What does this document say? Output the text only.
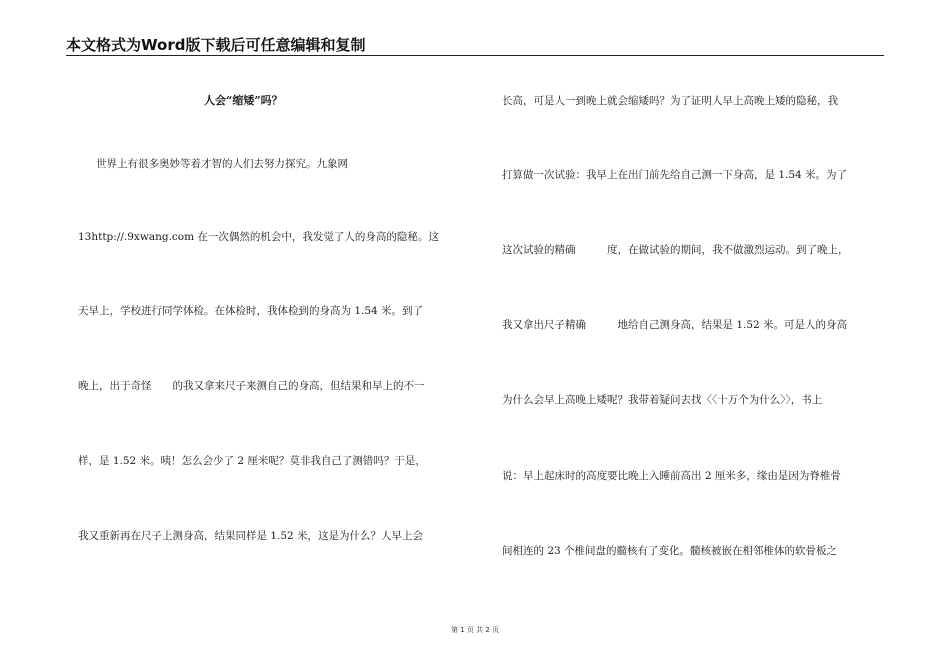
本文格式为Word版下载后可任意编辑和复制
人会“缩矮”吗？
世界上有很多奥妙等着才智的人们去努力探究。九象网
13http://.9xwang.com 在一次偶然的机会中，我发觉了人的身高的隐秘。这
天早上，学校进行同学体检。在体检时，我体检到的身高为 1.54 米。到了
晚上，出于奇怪　　的我又拿来尺子来测自己的身高，但结果和早上的不一
样，是 1.52 米。咦！怎么会少了 2 厘米呢？莫非我自己了测错吗？于是，
我又重新再在尺子上测身高，结果同样是 1.52 米，这是为什么？人早上会
长高，可是人一到晚上就会缩矮吗？为了证明人早上高晚上矮的隐秘，我
打算做一次试验：我早上在出门前先给自己测一下身高，是 1.54 米。为了
这次试验的精确　　　度，在做试验的期间，我不做激烈运动。到了晚上，
我又拿出尺子精确　　　地给自己测身高，结果是 1.52 米。可是人的身高
为什么会早上高晚上矮呢？我带着疑问去找〈〈十万个为什么〉〉，书上
说：早上起床时的高度要比晚上入睡前高出 2 厘米多，缘由是因为脊椎骨
间相连的 23 个椎间盘的髓核有了变化。髓核被嵌在相邻椎体的软骨板之
第 1 页 共 2 页
